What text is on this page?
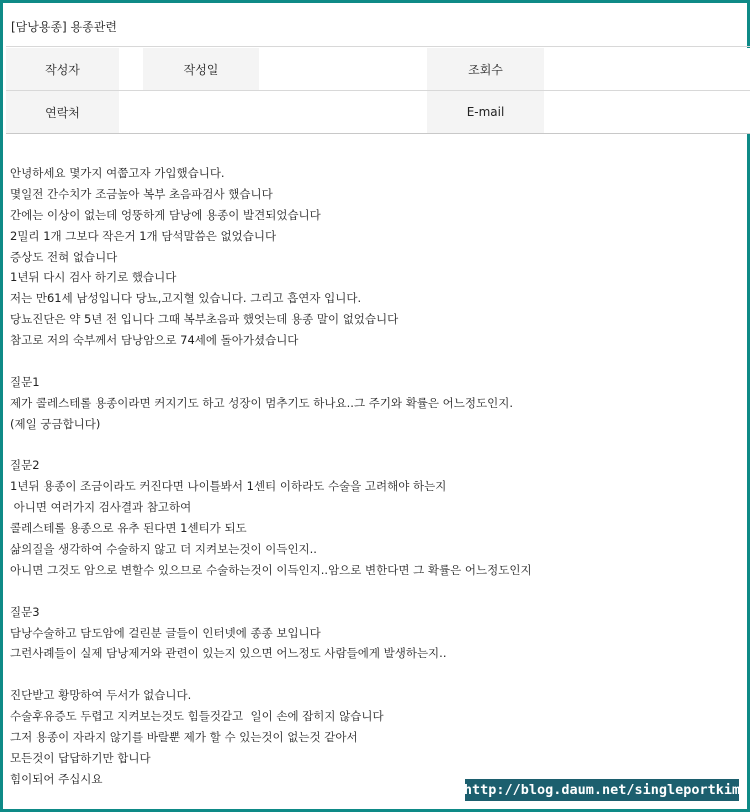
[담낭용종] 용종관련
작성자	작성일	조회수
연락처	E-mail
안녕하세요 몇가지 여쭙고자 가입했습니다.
몇일전 간수치가 조금높아 복부 초음파검사 했습니다
간에는 이상이 없는데 엉뚱하게 담낭에 용종이 발견되었습니다
2밀리 1개 그보다 작은거 1개 담석말씀은 없었습니다
증상도 전혀 없습니다
1년뒤 다시 검사 하기로 했습니다
저는 만61세 남성입니다 당뇨,고지혈 있습니다. 그리고 흡연자 입니다.
당뇨진단은 약 5년 전 입니다 그때 복부초음파 했엇는데 용종 말이 없었습니다
참고로 저의 숙부께서 담낭암으로 74세에 돌아가셨습니다
질문1
제가 콜레스테롤 용종이라면 커지기도 하고 성장이 멈추기도 하나요..그 주기와 확률은 어느정도인지.
(제일 궁금합니다)
질문2
1년뒤 용종이 조금이라도 커진다면 나이틀봐서 1센티 이하라도 수술을 고려해야 하는지
아니면 여러가지 검사결과 참고하여
콜레스테롤 용종으로 유추 된다면 1센티가 되도
삶의질을 생각하여 수술하지 않고 더 지켜보는것이 이득인지..
아니면 그것도 암으로 변할수 있으므로 수술하는것이 이득인지..암으로 변한다면 그 확률은 어느정도인지
질문3
담낭수술하고 담도암에 걸린분 글들이 인터넷에 종종 보입니다
그런사례들이 실제 담낭제거와 관련이 있는지 있으면 어느정도 사람들에게 발생하는지..
진단받고 황망하여 두서가 없습니다.
수술후유증도 두렵고 지켜보는것도 힘들것같고  일이 손에 잡히지 않습니다
그저 용종이 자라지 않기를 바랄뿐 제가 할 수 있는것이 없는것 같아서
모든것이 답답하기만 합니다
힘이되어 주십시요
http://blog.daum.net/singleportkim
